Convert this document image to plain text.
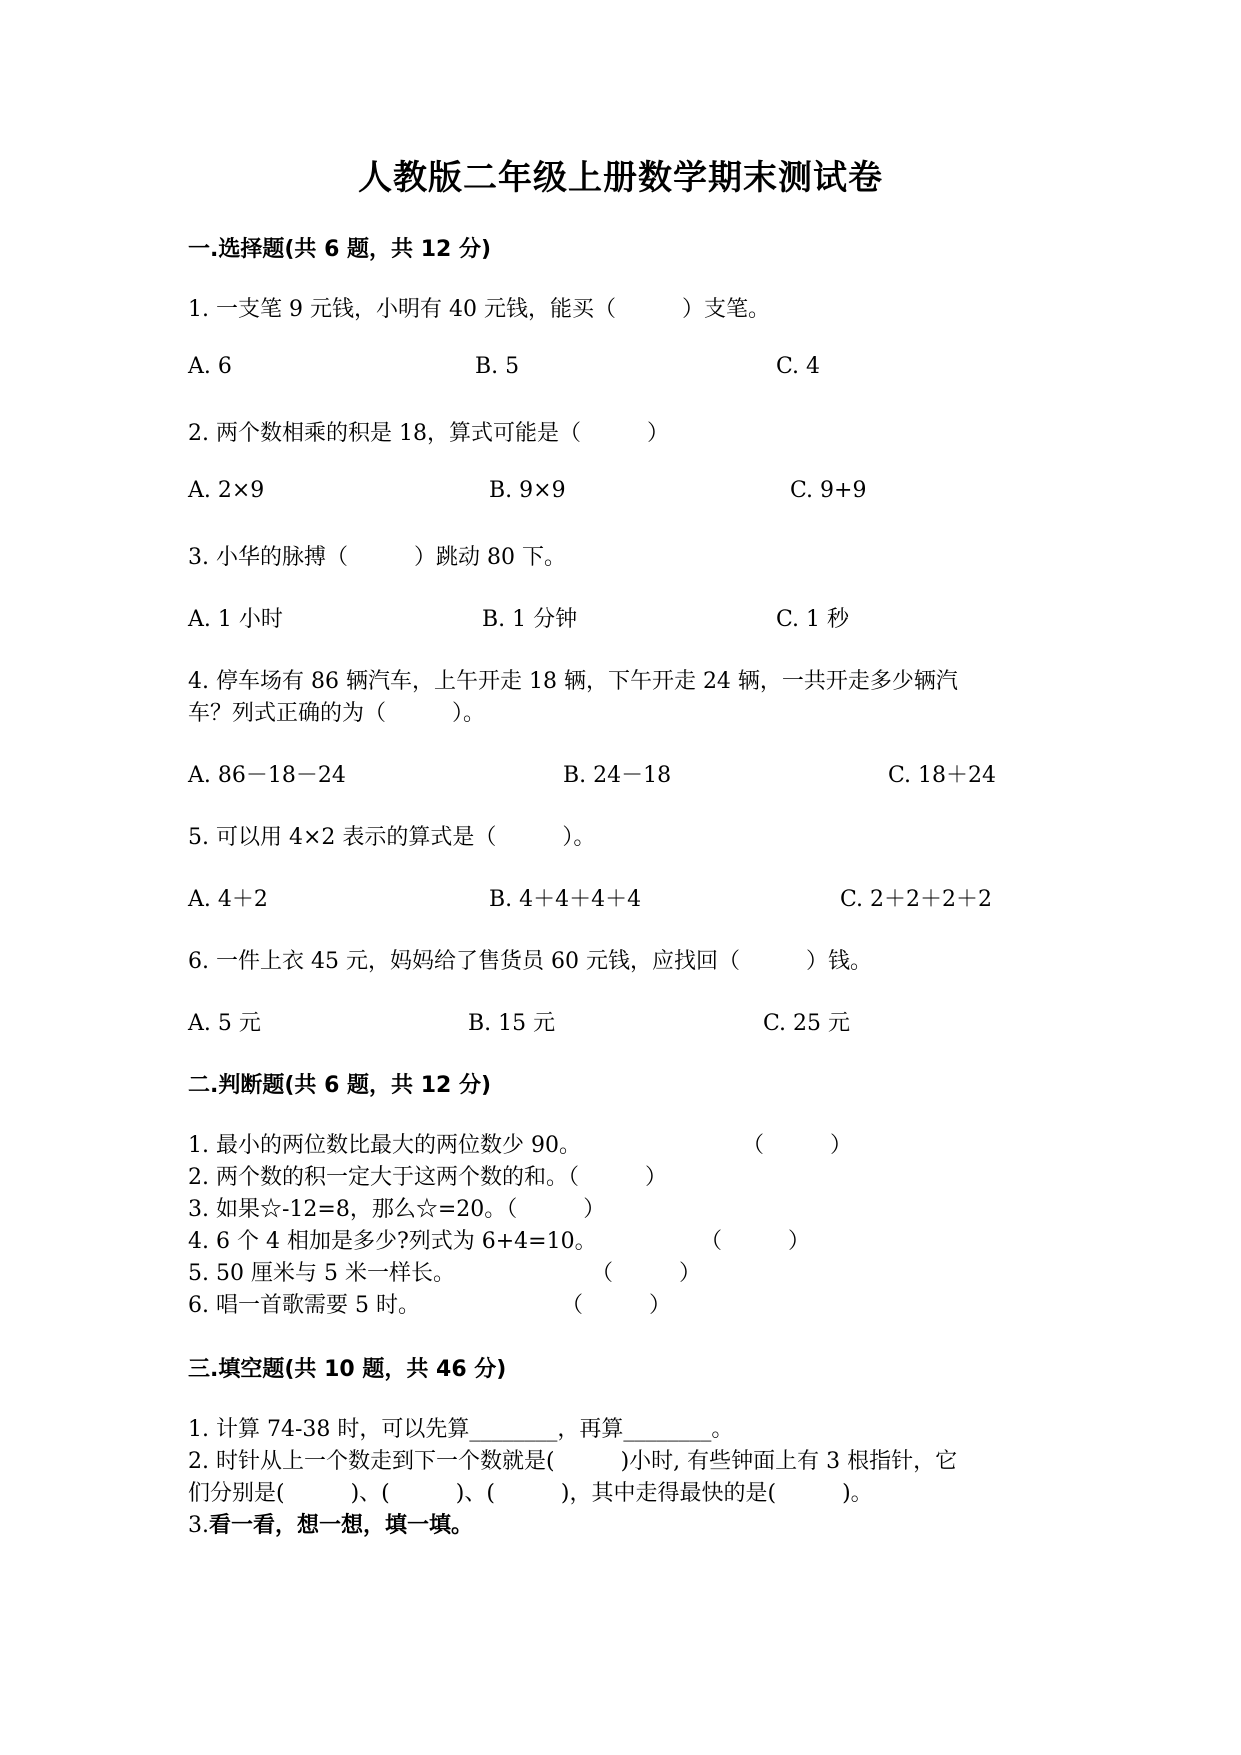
人教版二年级上册数学期末测试卷
一.选择题(共 6 题，共 12 分)
1. 一支笔 9 元钱，小明有 40 元钱，能买（　　　）支笔。
A. 6	B. 5	C. 4
2. 两个数相乘的积是 18，算式可能是（　　　）
A. 2×9	B. 9×9	C. 9+9
3. 小华的脉搏（　　　）跳动 80 下。
A. 1 小时	B. 1 分钟	C. 1 秒
4. 停车场有 86 辆汽车，上午开走 18 辆，下午开走 24 辆，一共开走多少辆汽
车？列式正确的为（　　　）。
A. 86－18－24	B. 24－18	C. 18＋24
5. 可以用 4×2 表示的算式是（　　　）。
A. 4＋2	B. 4＋4＋4＋4	C. 2＋2＋2＋2
6. 一件上衣 45 元，妈妈给了售货员 60 元钱，应找回（　　　）钱。
A. 5 元	B. 15 元	C. 25 元
二.判断题(共 6 题，共 12 分)
1. 最小的两位数比最大的两位数少 90。	（　　　）
2. 两个数的积一定大于这两个数的和。（　　　）
3. 如果☆-12=8，那么☆=20。（　　　）
4. 6 个 4 相加是多少?列式为 6+4=10。	（　　　）
5. 50 厘米与 5 米一样长。	（　　　）
6. 唱一首歌需要 5 时。	（　　　）
三.填空题(共 10 题，共 46 分)
1. 计算 74-38 时，可以先算________，再算________。
2. 时针从上一个数走到下一个数就是(　　　)小时, 有些钟面上有 3 根指针，它
们分别是(　　　)、(　　　)、(　　　)，其中走得最快的是(　　　)。
3.看一看，想一想，填一填。
